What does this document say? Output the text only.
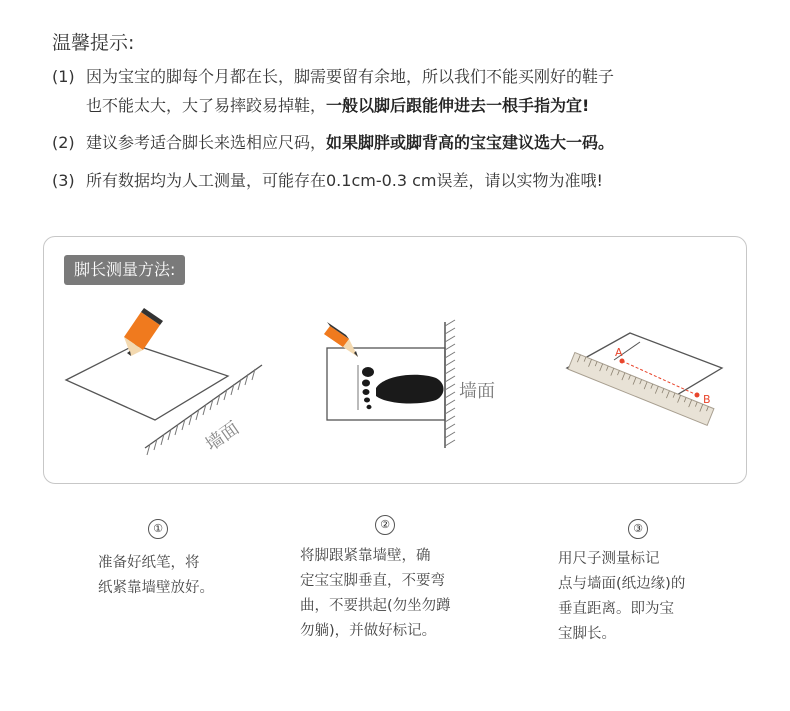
温馨提示:
(1) 因为宝宝的脚每个月都在长，脚需要留有余地，所以我们不能买刚好的鞋子
也不能太大，大了易摔跤易掉鞋，一般以脚后跟能伸进去一根手指为宜!
(2) 建议参考适合脚长来选相应尺码，如果脚胖或脚背高的宝宝建议选大一码。
(3) 所有数据均为人工测量，可能存在0.1cm-0.3 cm误差，请以实物为准哦!
脚长测量方法:
墙面
墙面
A
B
①
准备好纸笔，将
纸紧靠墙壁放好。
②
将脚跟紧靠墙壁，确
定宝宝脚垂直，不要弯
曲，不要拱起(勿坐勿蹲
勿躺)，并做好标记。
③
用尺子测量标记
点与墙面(纸边缘)的
垂直距离。即为宝
宝脚长。
